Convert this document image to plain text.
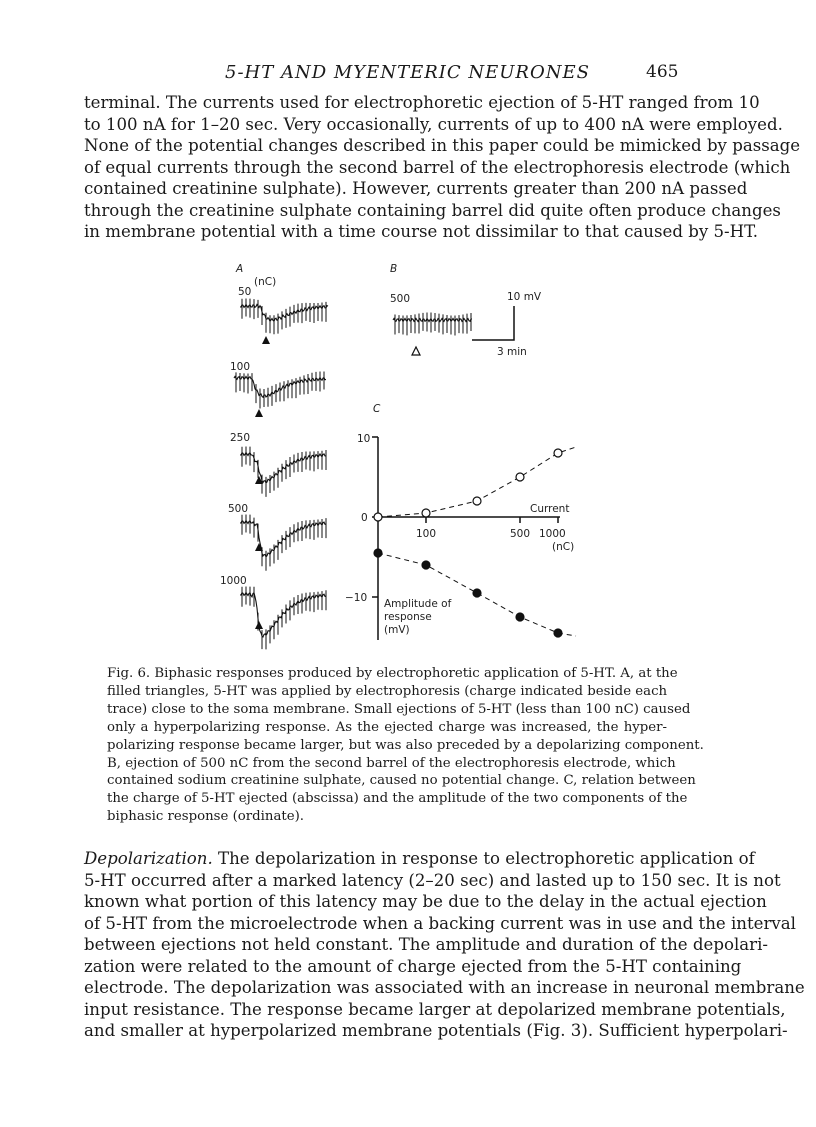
5-HT AND MYENTERIC NEURONES	465
terminal. The currents used for electrophoretic ejection of 5-HT ranged from 10
to 100 nA for 1–20 sec. Very occasionally, currents of up to 400 nA were employed.
None of the potential changes described in this paper could be mimicked by passage
of equal currents through the second barrel of the electrophoresis electrode (which
contained creatinine sulphate). However, currents greater than 200 nA passed
through the creatinine sulphate containing barrel did quite often produce changes
in membrane potential with a time course not dissimilar to that caused by 5-HT.
A
50
(nC)
100
250
500
1000
B
500	10 mV
3 min
C
10
0
−10
100	500 1000
(nC)
Current
Amplitude of
response
(mV)
Fig. 6. Biphasic responses produced by electrophoretic application of 5-HT. A, at the
filled triangles, 5-HT was applied by electrophoresis (charge indicated beside each
trace) close to the soma membrane. Small ejections of 5-HT (less than 100 nC) caused
only a hyperpolarizing response. As the ejected charge was increased, the hyper-
polarizing response became larger, but was also preceded by a depolarizing component.
B, ejection of 500 nC from the second barrel of the electrophoresis electrode, which
contained sodium creatinine sulphate, caused no potential change. C, relation between
the charge of 5-HT ejected (abscissa) and the amplitude of the two components of the
biphasic response (ordinate).
Depolarization. The depolarization in response to electrophoretic application of
5-HT occurred after a marked latency (2–20 sec) and lasted up to 150 sec. It is not
known what portion of this latency may be due to the delay in the actual ejection
of 5-HT from the microelectrode when a backing current was in use and the interval
between ejections not held constant. The amplitude and duration of the depolari-
zation were related to the amount of charge ejected from the 5-HT containing
electrode. The depolarization was associated with an increase in neuronal membrane
input resistance. The response became larger at depolarized membrane potentials,
and smaller at hyperpolarized membrane potentials (Fig. 3). Sufficient hyperpolari-
